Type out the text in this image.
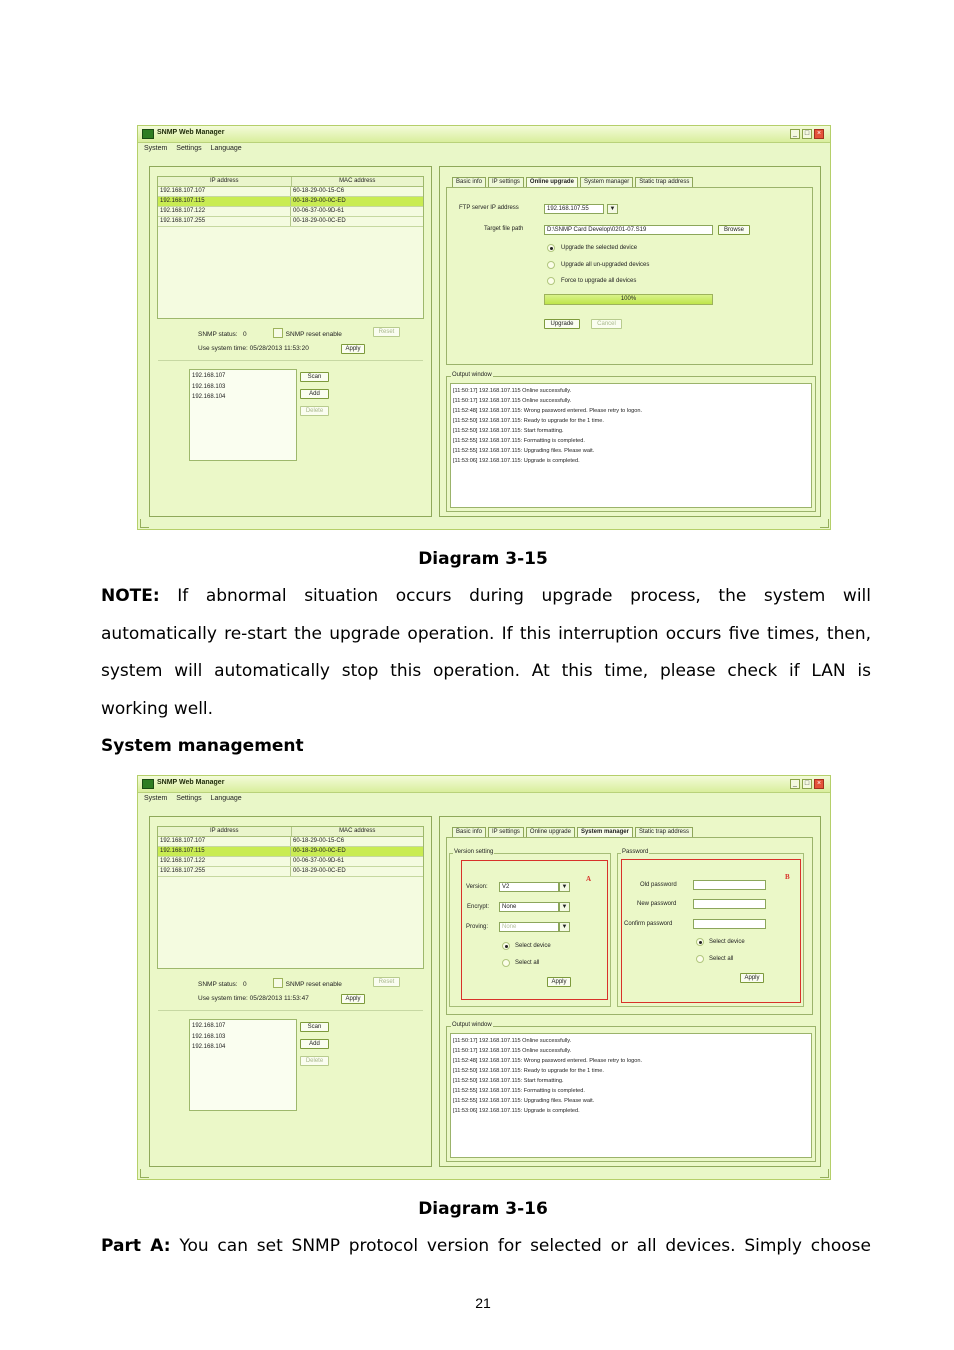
SNMP Web Manager	_	□	×
System Settings Language
IP address	MAC address
192.168.107.107	60-18-29-00-15-C6
192.168.107.115	00-18-29-00-0C-ED
192.168.107.122	00-06-37-00-9D-61
192.168.107.255	00-18-29-00-0C-ED
SNMP status: 0	SNMP reset enable	Reset
Use system time: 05/28/2013 11:53:20	Apply
192.168.107
192.168.103
192.168.104
Scan
Add
Delete
Basic info	IP settings	Online upgrade	System manager	Static trap address
FTP server IP address	192.168.107.55	▼
Target file path	D:\SNMP Card Develop\0201-07.S19	Browse
Upgrade the selected device
Upgrade all un-upgraded devices
Force to upgrade all devices
100%
Upgrade	Cancel
Output window
[11:50:17] 192.168.107.115 Online successfully.
[11:50:17] 192.168.107.115 Online successfully.
[11:52:48] 192.168.107.115: Wrong password entered. Please retry to logon.
[11:52:50] 192.168.107.115: Ready to upgrade for the 1 time.
[11:52:50] 192.168.107.115: Start formatting.
[11:52:55] 192.168.107.115: Formatting is completed.
[11:52:55] 192.168.107.115: Upgrading files. Please wait.
[11:53:06] 192.168.107.115: Upgrade is completed.
Diagram 3-15
NOTE: If abnormal situation occurs during upgrade process, the system will
automatically re-start the upgrade operation. If this interruption occurs five times, then,
system will automatically stop this operation. At this time, please check if LAN is
working well.
System management
SNMP Web Manager	_	□	×
System Settings Language
IP address	MAC address
192.168.107.107	60-18-29-00-15-C6
192.168.107.115	00-18-29-00-0C-ED
192.168.107.122	00-06-37-00-9D-61
192.168.107.255	00-18-29-00-0C-ED
SNMP status: 0	SNMP reset enable	Reset
Use system time: 05/28/2013 11:53:47	Apply
192.168.107
192.168.103
192.168.104
Scan
Add
Delete
Basic info	IP settings	Online upgrade	System manager	Static trap address
Version setting
A
Version:	V2	▼
Encrypt:	None	▼
Proving:	None	▼
Select device
Select all
Apply
Password
B
Old password
New password
Confirm password
Select device
Select all
Apply
Output window
[11:50:17] 192.168.107.115 Online successfully.
[11:50:17] 192.168.107.115 Online successfully.
[11:52:48] 192.168.107.115: Wrong password entered. Please retry to logon.
[11:52:50] 192.168.107.115: Ready to upgrade for the 1 time.
[11:52:50] 192.168.107.115: Start formatting.
[11:52:55] 192.168.107.115: Formatting is completed.
[11:52:55] 192.168.107.115: Upgrading files. Please wait.
[11:53:06] 192.168.107.115: Upgrade is completed.
Diagram 3-16
Part A: You can set SNMP protocol version for selected or all devices. Simply choose
21
